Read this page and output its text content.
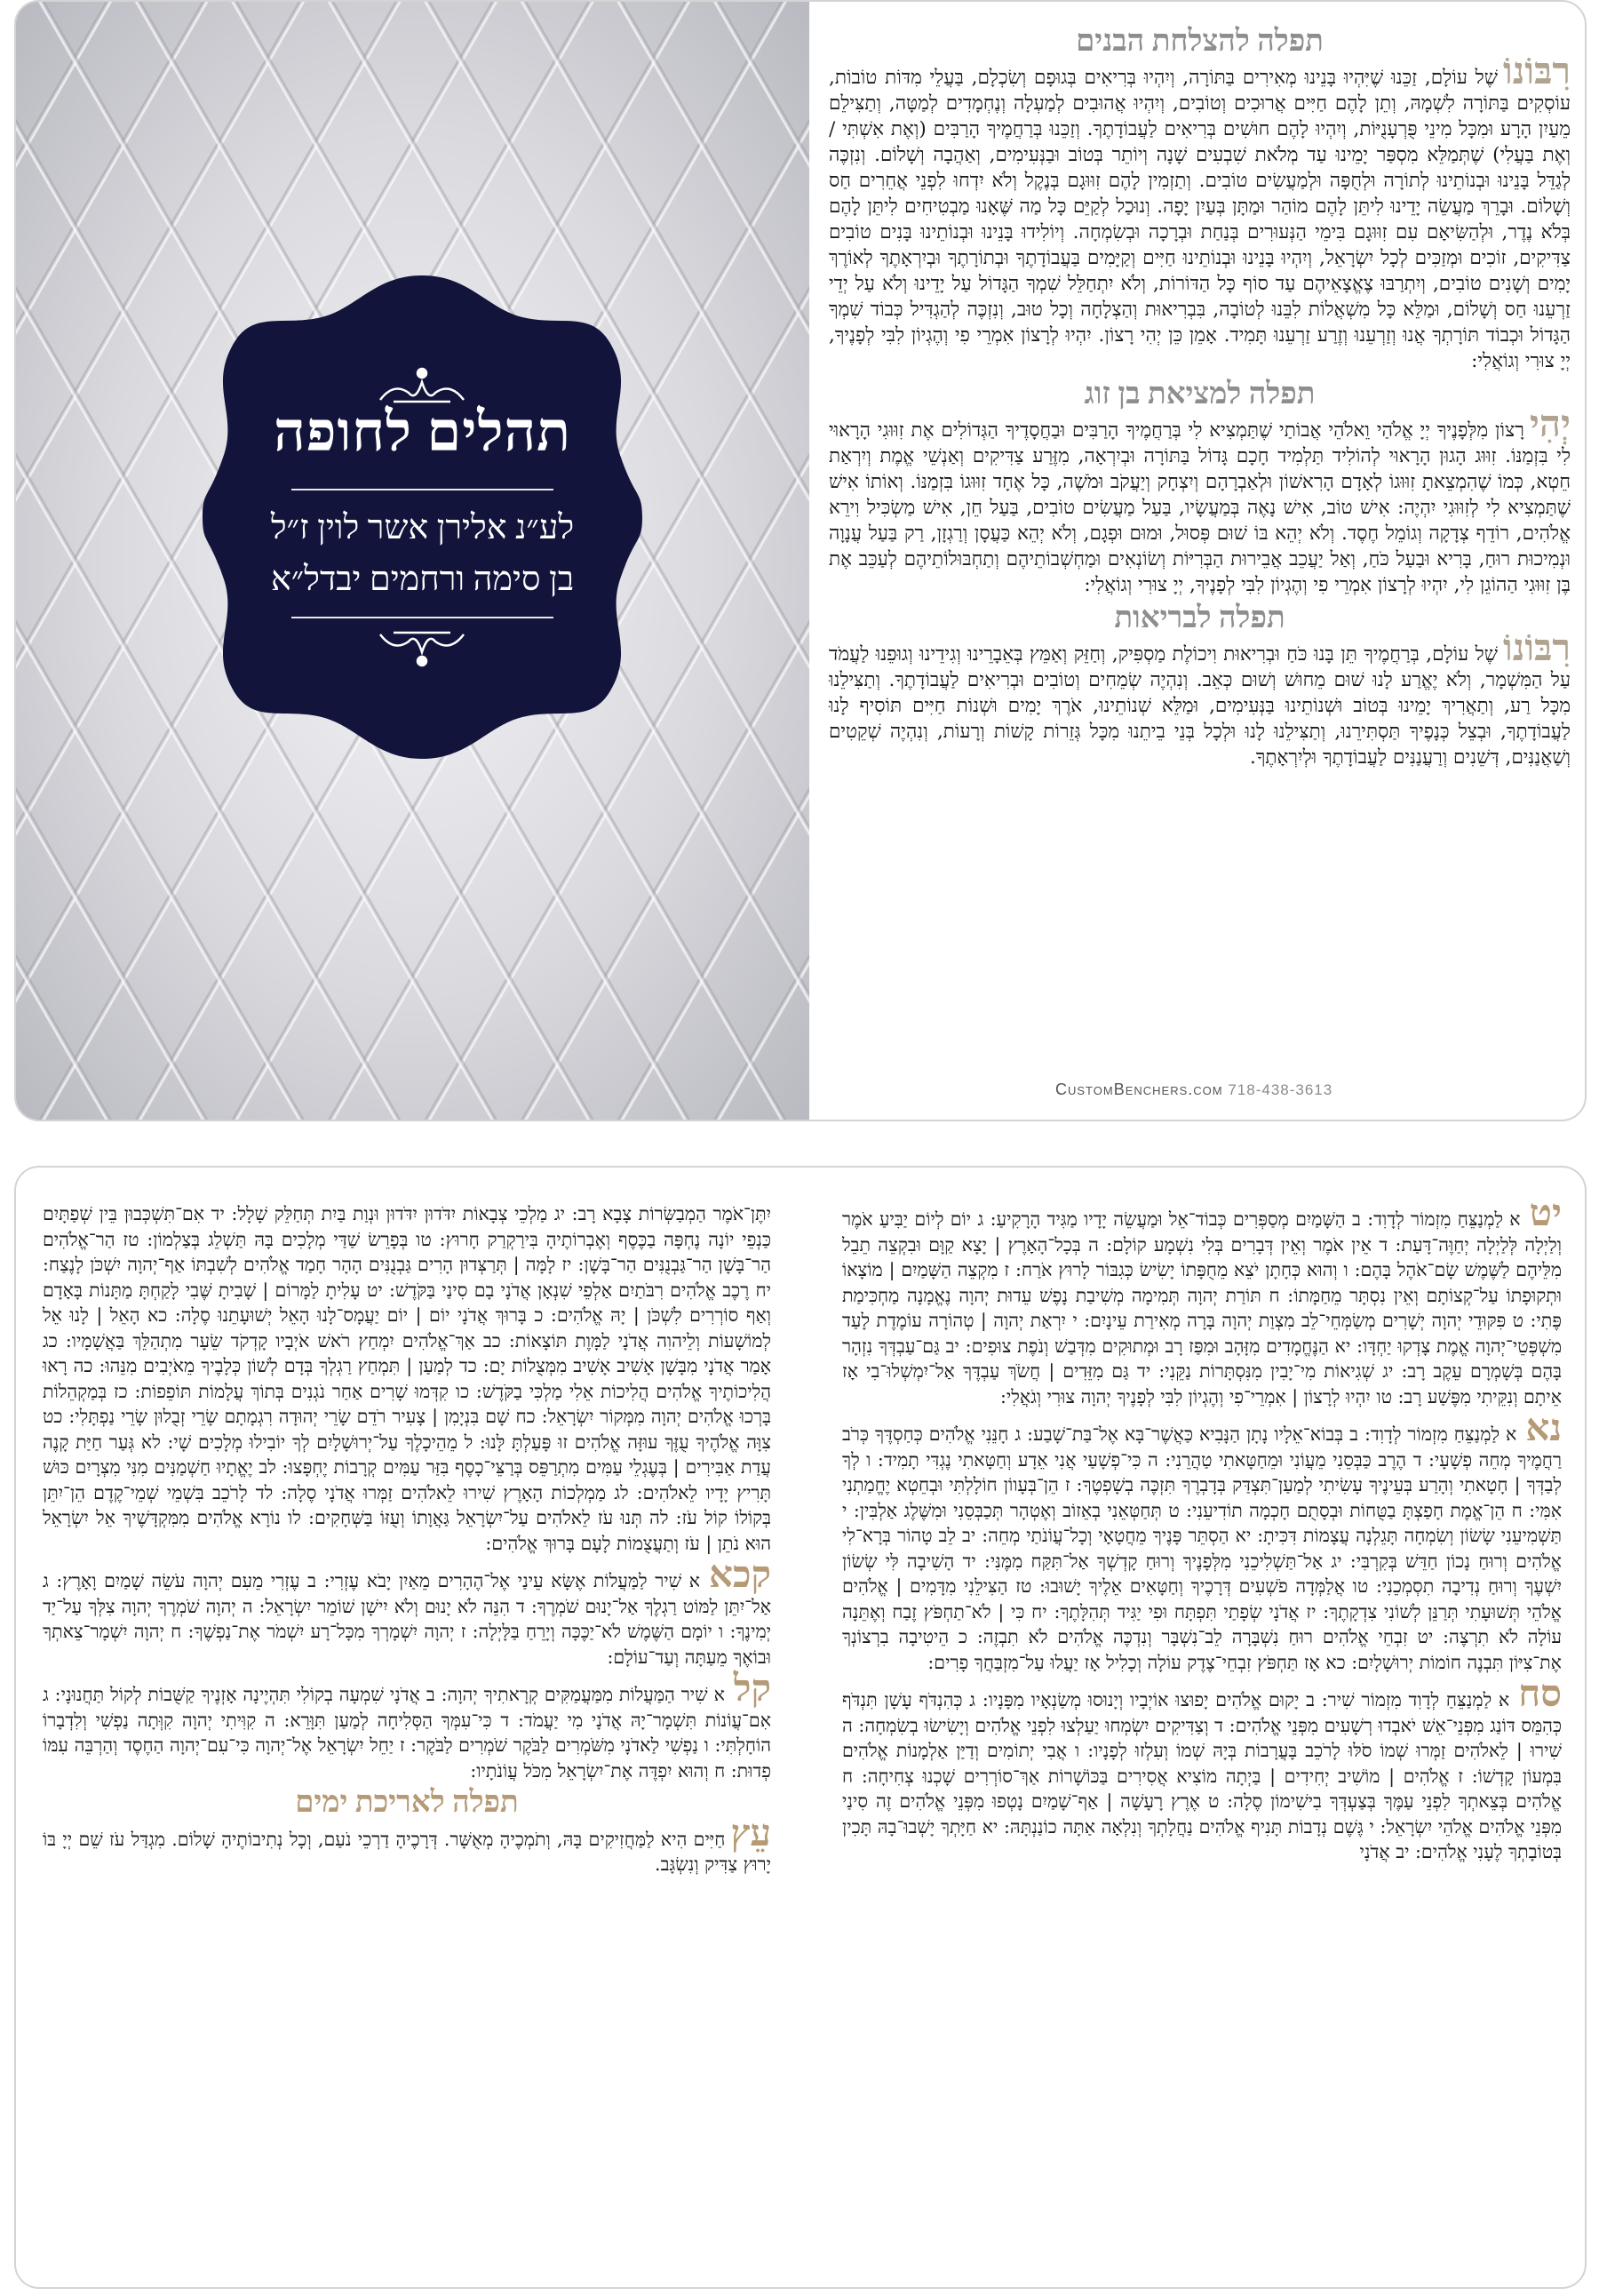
תהלים לחופה
לע״נ אלירן אשר לוין ז״ל
בן סימה ורחמים יבדל״א
תפלה להצלחת הבנים

רִבּוֹנוֹשֶׁל עוֹלָם, זַכֵּנוּ שֶׁיִּהְיוּ בָּנֵינוּ מְאִירִים בַּתּוֹרָה, וְיִהְיוּ בְּרִיאִים בְּגוּפָם וְשִׂכְלָם, בַּעֲלֵי מִדּוֹת טוֹבוֹת, עוֹסְקִים בַּתּוֹרָה לִשְׁמָהּ, וְתֵן לָהֶם חַיִּים אֲרוּכִים וְטוֹבִים, וְיִהְיוּ אֲהוּבִים לְמַעְלָה וְנֶחְמָדִים לְמַטָּה, וְתַצִּילֵם מֵעַיִן הָרָע וּמִכָּל מִינֵי פֻּרְעָנֻיּוֹת, וְיִהְיוּ לָהֶם חוּשִׁים בְּרִיאִים לַעֲבוֹדָתֶךָ. וְזַכֵּנוּ בְּרַחֲמֶיךָ הָרַבִּים (וְאֶת אִשְׁתִּי / וְאֶת בַּעֲלִי) שֶׁתְּמַלֵּא מִסְפַּר יָמֵינוּ עַד מְלֹאת שִׁבְעִים שָׁנָה וְיוֹתֵר בְּטוֹב וּבַנְּעִימִים, וְאַהֲבָה וְשָׁלוֹם. וְנִזְכֶּה לְגַדֵּל בָּנֵינוּ וּבְנוֹתֵינוּ לְתוֹרָה וּלְחֻפָּה וּלְמַעֲשִׂים טוֹבִים. וְתַזְמִין לָהֶם זִוּוּגָם בְּנֶקֶל וְלֹא יִדְחוּ לִפְנֵי אֲחֵרִים חַס וְשָׁלוֹם. וּבָרֵךְ מַעֲשֵׂה יָדֵינוּ לִיתֵּן לָהֶם מוֹהַר וּמַתָּן בְּעַיִן יָפָה. וְנוּכַל לְקַיֵּם כָּל מַה שֶּׁאָנוּ מַבְטִיחִים לִיתֵּן לָהֶם בְּלֹא נֶדֶר, וּלְהַשִּׂיאָם עִם זִוּוּגָם בִּימֵי הַנְּעוּרִים בְּנַחַת וּבְרָכָה וּבְשִׂמְחָה. וְיוֹלִידוּ בָּנֵינוּ וּבְנוֹתֵינוּ בָּנִים טוֹבִים צַדִּיקִים, זוֹכִים וּמְזַכִּים לְכָל יִשְׂרָאֵל, וְיִהְיוּ בָּנֵינוּ וּבְנוֹתֵינוּ חַיִּים וְקַיָּמִים בַּעֲבוֹדָתֶךָ וּבְתוֹרָתֶךָ וּבְיִרְאָתֶךָ לְאוֹרֶךְ יָמִים וְשָׁנִים טוֹבִים, וְיִתְרַבּוּ צֶאֱצָאֵיהֶם עַד סוֹף כָּל הַדּוֹרוֹת, וְלֹא יִתְחַלֵּל שִׁמְךָ הַגָּדוֹל עַל יָדֵינוּ וְלֹא עַל יְדֵי זַרְעֵנוּ חַס וְשָׁלוֹם, וּמַלֵּא כָּל מִשְׁאֲלוֹת לִבֵּנוּ לְטוֹבָה, בִּבְרִיאוּת וְהַצְלָחָה וְכָל טוּב, וְנִזְכֶּה לְהַגְדִּיל כְּבוֹד שִׁמְךָ הַגָּדוֹל וּכְבוֹד תּוֹרָתְךָ אֲנוּ וְזַרְעֵנוּ וְזֶרַע זַרְעֵנוּ תָּמִיד. אָמֵן כֵּן יְהִי רָצוֹן. יִהְיוּ לְרָצוֹן אִמְרֵי פִי וְהֶגְיוֹן לִבִּי לְפָנֶיךָ, יְיָ צוּרִי וְגוֹאֲלִי:

תפלה למציאת בן זוג

יְהִירָצוֹן מִלְּפָנֶיךָ יְיָ אֱלֹהַי וֵאלֹהֵי אֲבוֹתַי שֶׁתַּמְצִיא לִי בְּרַחֲמֶיךָ הָרַבִּים וּבַחֲסָדֶיךָ הַגְּדוֹלִים אֶת זִוּוּגִי הָרָאוּי לִי בִּזְמַנּוֹ. זִוּוּג הָגוּן הָרָאוּי לְהוֹלִיד תַּלְמִיד חָכָם גָּדוֹל בַּתּוֹרָה וּבְיִרְאָה, מִזֶּרַע צַדִּיקִים וְאַנְשֵׁי אֱמֶת וְיִרְאַת חֵטְא, כְּמוֹ שֶׁהִמְצֵאתָ זִוּוּגוֹ לְאָדָם הָרִאשׁוֹן וּלְאַבְרָהָם וְיִצְחָק וְיַעֲקֹב וּמֹשֶׁה, כָּל אֶחָד זִוּוּגוֹ בִּזְמַנּוֹ. וְאוֹתוֹ אִישׁ שֶׁתַּמְצִיא לִי לְזִוּוּגִי יִהְיֶה: אִישׁ טוֹב, אִישׁ נָאֶה בְּמַעֲשָׂיו, בַּעַל מַעֲשִׂים טוֹבִים, בַּעַל חֵן, אִישׁ מַשְׂכִּיל וִירֵא אֱלֹהִים, רוֹדֵף צְדָקָה וְגוֹמֵל חֶסֶד. וְלֹא יְהֵא בּוֹ שׁוּם פְּסוּל, וּמוּם וּפְגָם, וְלֹא יְהֵא כַּעֲסָן וְרַגְזָן, רַק בַּעַל עֲנָוָה וּנְמִיכוּת רוּחַ, בָּרִיא וּבַעַל כֹּחַ, וְאַל יַעֲכֵב אֲבֵירוּת הַבְּרִיּוֹת וְשׂוֹנְאִים וּמַחְשְׁבוֹתֵיהֶם וְתַחְבּוּלוֹתֵיהֶם לְעַכֵּב אֶת בֶּן זִוּוּגִי הַהוֹגֵן לִי, יִהְיוּ לְרָצוֹן אִמְרֵי פִי וְהֶגְיוֹן לִבִּי לְפָנֶיךָ, יְיָ צוּרִי וְגוֹאֲלִי:

תפלה לבריאות

רִבּוֹנוֹשֶׁל עוֹלָם, בְּרַחֲמֶיךָ תֵּן בָּנוּ כֹּחַ וּבְרִיאוּת וִיכוֹלֶת מַסְפִּיק, וְחַזֵּק וְאַמֵּץ בְּאֵבָרֵינוּ וְגִידֵינוּ וְגוּפֵנוּ לַעֲמֹד עַל הַמִּשְׁמָר, וְלֹא יֶאֱרַע לָנוּ שׁוּם מֵחוּשׁ וְשׁוּם כְּאֵב. וְנִהְיֶה שְׂמֵחִים וְטוֹבִים וּבְרִיאִים לַעֲבוֹדָתֶךָ. וְתַצִּילֵנוּ מִכָּל רַע, וְתַאֲרִיךְ יָמֵינוּ בְּטוֹב וּשְׁנוֹתֵינוּ בַּנְּעִימִים, וּמַלֵּא שְׁנוֹתֵינוּ, אֹרֶךְ יָמִים וּשְׁנוֹת חַיִּים תּוֹסִיף לָנוּ לַעֲבוֹדָתֶךָ, וּבְצֵל כְּנָפֶיךָ תַּסְתִּירֵנוּ, וְתַצִּילֵנוּ לָנוּ וּלְכָל בְּנֵי בֵיתֵנוּ מִכָּל גְּזֵרוֹת קָשׁוֹת וְרָעוֹת, וְנִהְיֶה שְׁקֵטִים וְשַׁאֲנַנִּים, דְּשֵׁנִים וְרַעֲנַנִּים לַעֲבוֹדָתֶךָ וּלְיִרְאָתֶךָ.

CustomBenchers.com 718-438-3613

יטא לַמְנַצֵּחַ מִזְמוֹר לְדָוִד: ב הַשָּׁמַיִם מְסַפְּרִים כְּבוֹד־אֵל וּמַעֲשֵׂה יָדָיו מַגִּיד הָרָקִיעַ: ג יוֹם לְיוֹם יַבִּיעַ אֹמֶר וְלַיְלָה לְּלַיְלָה יְחַוֶּה־דָּעַת: ד אֵין אֹמֶר וְאֵין דְּבָרִים בְּלִי נִשְׁמָע קוֹלָם: ה בְּכָל־הָאָרֶץ | יָצָא קַוָּם וּבִקְצֵה תֵבֵל מִלֵּיהֶם לַשֶּׁמֶשׁ שָׂם־אֹהֶל בָּהֶם: ו וְהוּא כְּחָתָן יֹצֵא מֵחֻפָּתוֹ יָשִׂישׂ כְּגִבּוֹר לָרוּץ אֹרַח: ז מִקְצֵה הַשָּׁמַיִם | מוֹצָאוֹ וּתְקוּפָתוֹ עַל־קְצוֹתָם וְאֵין נִסְתָּר מֵחַמָּתוֹ: ח תּוֹרַת יְהוָה תְּמִימָה מְשִׁיבַת נָפֶשׁ עֵדוּת יְהוָה נֶאֱמָנָה מַחְכִּימַת פֶּתִי: ט פִּקּוּדֵי יְהוָה יְשָׁרִים מְשַׂמְּחֵי־לֵב מִצְוַת יְהוָה בָּרָה מְאִירַת עֵינָיִם: י יִרְאַת יְהוָה | טְהוֹרָה עוֹמֶדֶת לָעַד מִשְׁפְּטֵי־יְהוָה אֱמֶת צָדְקוּ יַחְדָּו: יא הַנֶּחֱמָדִים מִזָּהָב וּמִפַּז רָב וּמְתוּקִים מִדְּבַשׁ וְנֹפֶת צוּפִים: יב גַּם־עַבְדְּךָ נִזְהָר בָּהֶם בְּשָׁמְרָם עֵקֶב רָב: יג שְׁגִיאוֹת מִי־יָבִין מִנִּסְתָּרוֹת נַקֵּנִי: יד גַּם מִזֵּדִים | חֲשֹׂךְ עַבְדֶּךָ אַל־יִמְשְׁלוּ־בִי אָז אֵיתָם וְנִקֵּיתִי מִפֶּשַׁע רָב: טו יִהְיוּ לְרָצוֹן | אִמְרֵי־פִי וְהֶגְיוֹן לִבִּי לְפָנֶיךָ יְהוָה צוּרִי וְגֹאֲלִי:

נאא לַמְנַצֵּחַ מִזְמוֹר לְדָוִד: ב בְּבוֹא־אֵלָיו נָתָן הַנָּבִיא כַּאֲשֶׁר־בָּא אֶל־בַּת־שָׁבַע: ג חָנֵּנִי אֱלֹהִים כְּחַסְדֶּךָ כְּרֹב רַחֲמֶיךָ מְחֵה פְשָׁעָי: ד הֶרֶב כַּבְּסֵנִי מֵעֲוֹנִי וּמֵחַטָּאתִי טַהֲרֵנִי: ה כִּי־פְשָׁעַי אֲנִי אֵדָע וְחַטָּאתִי נֶגְדִּי תָמִיד: ו לְךָ לְבַדְּךָ | חָטָאתִי וְהָרַע בְּעֵינֶיךָ עָשִׂיתִי לְמַעַן־תִּצְדַּק בְּדָבְרֶךָ תִּזְכֶּה בְשָׁפְטֶךָ: ז הֵן־בְּעָווֹן חוֹלָלְתִּי וּבְחֵטְא יֶחֱמַתְנִי אִמִּי: ח הֵן־אֱמֶת חָפַצְתָּ בַטֻּחוֹת וּבְסָתֻם חָכְמָה תוֹדִיעֵנִי: ט תְּחַטְּאֵנִי בְאֵזוֹב וְאֶטְהָר תְּכַבְּסֵנִי וּמִשֶּׁלֶג אַלְבִּין: י תַּשְׁמִיעֵנִי שָׂשׂוֹן וְשִׂמְחָה תָּגֵלְנָה עֲצָמוֹת דִּכִּיתָ: יא הַסְתֵּר פָּנֶיךָ מֵחֲטָאָי וְכָל־עֲוֹנֹתַי מְחֵה: יב לֵב טָהוֹר בְּרָא־לִי אֱלֹהִים וְרוּחַ נָכוֹן חַדֵּשׁ בְּקִרְבִּי: יג אַל־תַּשְׁלִיכֵנִי מִלְּפָנֶיךָ וְרוּחַ קָדְשְׁךָ אַל־תִּקַּח מִמֶּנִּי: יד הָשִׁיבָה לִּי שְׂשׂוֹן יִשְׁעֶךָ וְרוּחַ נְדִיבָה תִסְמְכֵנִי: טו אֲלַמְּדָה פֹשְׁעִים דְּרָכֶיךָ וְחַטָּאִים אֵלֶיךָ יָשׁוּבוּ: טז הַצִּילֵנִי מִדָּמִים | אֱלֹהִים אֱלֹהֵי תְּשׁוּעָתִי תְּרַנֵּן לְשׁוֹנִי צִדְקָתֶךָ: יז אֲדֹנָי שְׂפָתַי תִּפְתָּח וּפִי יַגִּיד תְּהִלָּתֶךָ: יח כִּי | לֹא־תַחְפֹּץ זֶבַח וְאֶתֵּנָה עוֹלָה לֹא תִרְצֶה: יט זִבְחֵי אֱלֹהִים רוּחַ נִשְׁבָּרָה לֵב־נִשְׁבָּר וְנִדְכֶּה אֱלֹהִים לֹא תִבְזֶה: כ הֵיטִיבָה בִרְצוֹנְךָ אֶת־צִיּוֹן תִּבְנֶה חוֹמוֹת יְרוּשָׁלָיִם: כא אָז תַּחְפֹּץ זִבְחֵי־צֶדֶק עוֹלָה וְכָלִיל אָז יַעֲלוּ עַל־מִזְבַּחֲךָ פָרִים:

סחא לַמְנַצֵּחַ לְדָוִד מִזְמוֹר שִׁיר: ב יָקוּם אֱלֹהִים יָפוּצוּ אוֹיְבָיו וְיָנוּסוּ מְשַׂנְאָיו מִפָּנָיו: ג כְּהִנְדֹּף עָשָׁן תִּנְדֹּף כְּהִמֵּס דּוֹנַג מִפְּנֵי־אֵשׁ יֹאבְדוּ רְשָׁעִים מִפְּנֵי אֱלֹהִים: ד וְצַדִּיקִים יִשְׂמְחוּ יַעַלְצוּ לִפְנֵי אֱלֹהִים וְיָשִׂישׂוּ בְשִׂמְחָה: ה שִׁירוּ | לֵאלֹהִים זַמְּרוּ שְׁמוֹ סֹלּוּ לָרֹכֵב בָּעֲרָבוֹת בְּיָהּ שְׁמוֹ וְעִלְזוּ לְפָנָיו: ו אֲבִי יְתוֹמִים וְדַיַּן אַלְמָנוֹת אֱלֹהִים בִּמְעוֹן קָדְשׁוֹ: ז אֱלֹהִים | מוֹשִׁיב יְחִידִים | בַּיְתָה מוֹצִיא אֲסִירִים בַּכּוֹשָׁרוֹת אַךְ־סוֹרְרִים שָׁכְנוּ צְחִיחָה: ח אֱלֹהִים בְּצֵאתְךָ לִפְנֵי עַמֶּךָ בְּצַעְדְּךָ בִישִׁימוֹן סֶלָה: ט אֶרֶץ רָעָשָׁה | אַף־שָׁמַיִם נָטְפוּ מִפְּנֵי אֱלֹהִים זֶה סִינַי מִפְּנֵי אֱלֹהִים אֱלֹהֵי יִשְׂרָאֵל: י גֶּשֶׁם נְדָבוֹת תָּנִיף אֱלֹהִים נַחֲלָתְךָ וְנִלְאָה אַתָּה כוֹנַנְתָּהּ: יא חַיָּתְךָ יָשְׁבוּ־בָהּ תָּכִין בְּטוֹבָתְךָ לֶעָנִי אֱלֹהִים: יב אֲדֹנָי

יִתֶּן־אֹמֶר הַמְבַשְּׂרוֹת צָבָא רָב: יג מַלְכֵי צְבָאוֹת יִדֹּדוּן יִדֹּדוּן וּנְוַת בַּיִת תְּחַלֵּק שָׁלָל: יד אִם־תִּשְׁכְּבוּן בֵּין שְׁפַתָּיִם כַּנְפֵי יוֹנָה נֶחְפָּה בַכֶּסֶף וְאֶבְרוֹתֶיהָ בִּירַקְרַק חָרוּץ: טו בְּפָרֵשׂ שַׁדַּי מְלָכִים בָּהּ תַּשְׁלֵג בְּצַלְמוֹן: טז הַר־אֱלֹהִים הַר־בָּשָׁן הַר־גַּבְנֻנִּים הַר־בָּשָׁן: יז לָמָּה | תְּרַצְּדוּן הָרִים גַּבְנֻנִּים הָהָר חָמַד אֱלֹהִים לְשִׁבְתּוֹ אַף־יְהוָה יִשְׁכֹּן לָנֶצַח: יח רֶכֶב אֱלֹהִים רִבֹּתַיִם אַלְפֵי שִׁנְאָן אֲדֹנָי בָם סִינַי בַּקֹּדֶשׁ: יט עָלִיתָ לַמָּרוֹם | שָׁבִיתָ שֶּׁבִי לָקַחְתָּ מַתָּנוֹת בָּאָדָם וְאַף סוֹרְרִים לִשְׁכֹּן | יָהּ אֱלֹהִים: כ בָּרוּךְ אֲדֹנָי יוֹם | יוֹם יַעֲמָס־לָנוּ הָאֵל יְשׁוּעָתֵנוּ סֶלָה: כא הָאֵל | לָנוּ אֵל לְמוֹשָׁעוֹת וְלֵיהוִה אֲדֹנָי לַמָּוֶת תּוֹצָאוֹת: כב אַךְ־אֱלֹהִים יִמְחַץ רֹאשׁ אֹיְבָיו קָדְקֹד שֵׂעָר מִתְהַלֵּךְ בַּאֲשָׁמָיו: כג אָמַר אֲדֹנָי מִבָּשָׁן אָשִׁיב אָשִׁיב מִמְּצֻלוֹת יָם: כד לְמַעַן | תִּמְחַץ רַגְלְךָ בְּדָם לְשׁוֹן כְּלָבֶיךָ מֵאֹיְבִים מִנֵּהוּ: כה רָאוּ הֲלִיכוֹתֶיךָ אֱלֹהִים הֲלִיכוֹת אֵלִי מַלְכִּי בַקֹּדֶשׁ: כו קִדְּמוּ שָׁרִים אַחַר נֹגְנִים בְּתוֹךְ עֲלָמוֹת תּוֹפֵפוֹת: כז בְּמַקְהֵלוֹת בָּרְכוּ אֱלֹהִים יְהוָה מִמְּקוֹר יִשְׂרָאֵל: כח שָׁם בִּנְיָמִן | צָעִיר רֹדֵם שָׂרֵי יְהוּדָה רִגְמָתָם שָׂרֵי זְבֻלוּן שָׂרֵי נַפְתָּלִי: כט צִוָּה אֱלֹהֶיךָ עֻזֶּךָ עוּזָּה אֱלֹהִים זוּ פָּעַלְתָּ לָּנוּ: ל מֵהֵיכָלֶךָ עַל־יְרוּשָׁלָיִם לְךָ יוֹבִילוּ מְלָכִים שָׁי: לא גְּעַר חַיַּת קָנֶה עֲדַת אַבִּירִים | בְּעֶגְלֵי עַמִּים מִתְרַפֵּס בְּרַצֵּי־כָסֶף בִּזַּר עַמִּים קְרָבוֹת יֶחְפָּצוּ: לב יֶאֱתָיוּ חַשְׁמַנִּים מִנִּי מִצְרָיִם כּוּשׁ תָּרִיץ יָדָיו לֵאלֹהִים: לג מַמְלְכוֹת הָאָרֶץ שִׁירוּ לֵאלֹהִים זַמְּרוּ אֲדֹנָי סֶלָה: לד לָרֹכֵב בִּשְׁמֵי שְׁמֵי־קֶדֶם הֵן־יִתֵּן בְּקוֹלוֹ קוֹל עֹז: לה תְּנוּ עֹז לֵאלֹהִים עַל־יִשְׂרָאֵל גַּאֲוָתוֹ וְעֻזּוֹ בַּשְּׁחָקִים: לו נוֹרָא אֱלֹהִים מִמִּקְדָּשֶׁיךָ אֵל יִשְׂרָאֵל הוּא נֹתֵן | עֹז וְתַעֲצֻמוֹת לָעָם בָּרוּךְ אֱלֹהִים:

קכאא שִׁיר לַמַּעֲלוֹת אֶשָּׂא עֵינַי אֶל־הֶהָרִים מֵאַיִן יָבֹא עֶזְרִי: ב עֶזְרִי מֵעִם יְהוָה עֹשֵׂה שָׁמַיִם וָאָרֶץ: ג אַל־יִתֵּן לַמּוֹט רַגְלֶךָ אַל־יָנוּם שֹׁמְרֶךָ: ד הִנֵּה לֹא יָנוּם וְלֹא יִישָׁן שׁוֹמֵר יִשְׂרָאֵל: ה יְהוָה שֹׁמְרֶךָ יְהוָה צִלְּךָ עַל־יַד יְמִינֶךָ: ו יוֹמָם הַשֶּׁמֶשׁ לֹא־יַכֶּכָּה וְיָרֵחַ בַּלָּיְלָה: ז יְהוָה יִשְׁמָרְךָ מִכָּל־רָע יִשְׁמֹר אֶת־נַפְשֶׁךָ: ח יְהוָה יִשְׁמָר־צֵאתְךָ וּבוֹאֶךָ מֵעַתָּה וְעַד־עוֹלָם:

קלא שִׁיר הַמַּעֲלוֹת מִמַּעֲמַקִּים קְרָאתִיךָ יְהוָה: ב אֲדֹנָי שִׁמְעָה בְקוֹלִי תִּהְיֶינָה אָזְנֶיךָ קַשֻּׁבוֹת לְקוֹל תַּחֲנוּנָי: ג אִם־עֲוֹנוֹת תִּשְׁמָר־יָהּ אֲדֹנָי מִי יַעֲמֹד: ד כִּי־עִמְּךָ הַסְּלִיחָה לְמַעַן תִּוָּרֵא: ה קִוִּיתִי יְהוָה קִוְּתָה נַפְשִׁי וְלִדְבָרוֹ הוֹחָלְתִּי: ו נַפְשִׁי לַאדֹנָי מִשֹּׁמְרִים לַבֹּקֶר שֹׁמְרִים לַבֹּקֶר: ז יַחֵל יִשְׂרָאֵל אֶל־יְהוָה כִּי־עִם־יְהוָה הַחֶסֶד וְהַרְבֵּה עִמּוֹ פְדוּת: ח וְהוּא יִפְדֶּה אֶת־יִשְׂרָאֵל מִכֹּל עֲוֹנֹתָיו:

תפלה לאריכת ימים

עֵץחַיִּים הִיא לַמַּחֲזִיקִים בָּהּ, וְתֹמְכֶיהָ מְאֻשָּׁר. דְּרָכֶיהָ דַרְכֵי נֹעַם, וְכָל נְתִיבוֹתֶיהָ שָׁלוֹם. מִגְדַּל עֹז שֵׁם יְיָ בּוֹ יָרוּץ צַדִּיק וְנִשְׂגָּב.
